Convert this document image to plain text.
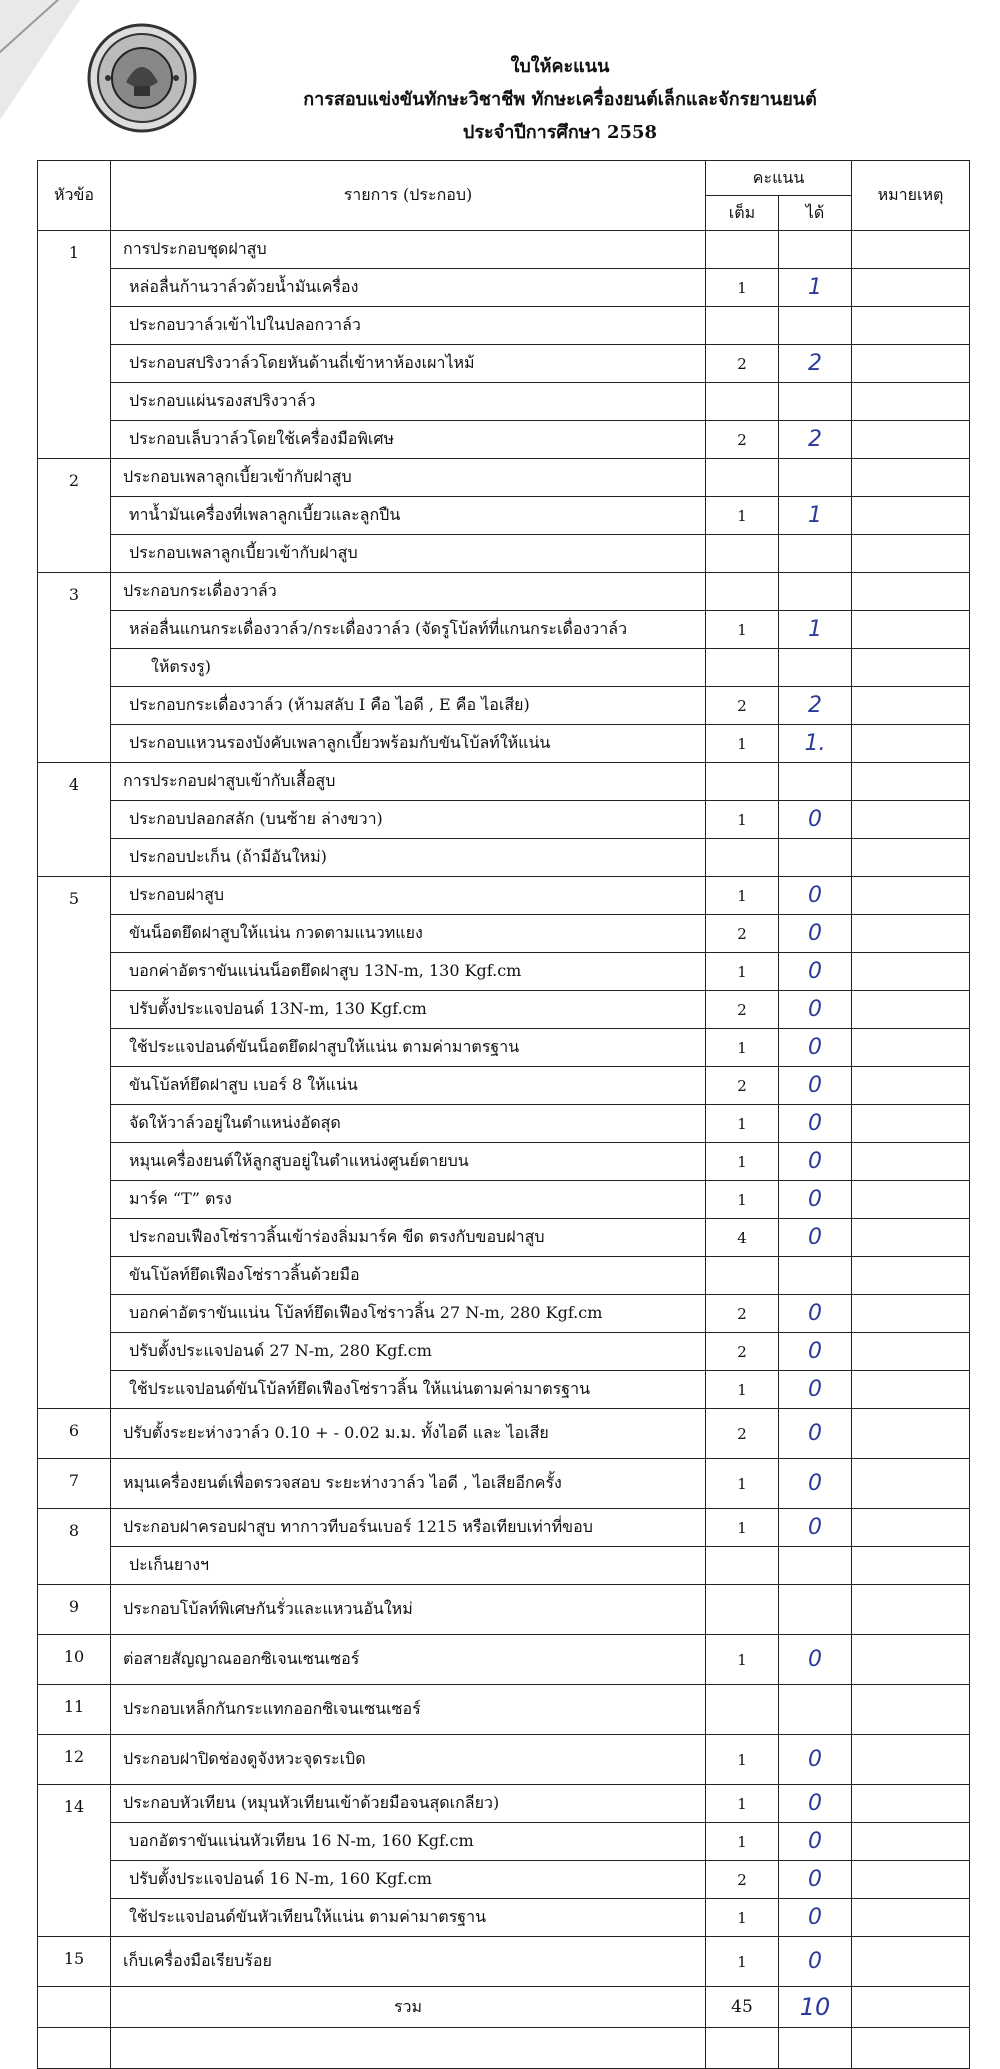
ใบให้คะแนน
การสอบแข่งขันทักษะวิชาชีพ ทักษะเครื่องยนต์เล็กและจักรยานยนต์
ประจำปีการศึกษา 2558
หัวข้อ	รายการ (ประกอบ)	คะแนน		หมายเหตุ
		เต็ม	ได้	
1	การประกอบชุดฝาสูบ			
	หล่อลื่นก้านวาล์วด้วยน้ำมันเครื่อง	1	1	
	ประกอบวาล์วเข้าไปในปลอกวาล์ว			
	ประกอบสปริงวาล์วโดยหันด้านถี่เข้าหาห้องเผาไหม้	2	2	
	ประกอบแผ่นรองสปริงวาล์ว			
	ประกอบเล็บวาล์วโดยใช้เครื่องมือพิเศษ	2	2	
2	ประกอบเพลาลูกเบี้ยวเข้ากับฝาสูบ			
	ทาน้ำมันเครื่องที่เพลาลูกเบี้ยวและลูกปืน	1	1	
	ประกอบเพลาลูกเบี้ยวเข้ากับฝาสูบ			
3	ประกอบกระเดื่องวาล์ว			
	หล่อลื่นแกนกระเดื่องวาล์ว/กระเดื่องวาล์ว (จัดรูโบ้ลท์ที่แกนกระเดื่องวาล์ว	1	1	
	ให้ตรงรู)			
	ประกอบกระเดื่องวาล์ว (ห้ามสลับ I คือ ไอดี , E คือ ไอเสีย)	2	2	
	ประกอบแหวนรองบังคับเพลาลูกเบี้ยวพร้อมกับขันโบ้ลท์ให้แน่น	1	1.	
4	การประกอบฝาสูบเข้ากับเสื้อสูบ			
	ประกอบปลอกสลัก (บนซ้าย ล่างขวา)	1	0	
	ประกอบปะเก็น (ถ้ามีอันใหม่)			
5	ประกอบฝาสูบ	1	0	
	ขันน็อตยึดฝาสูบให้แน่น กวดตามแนวทแยง	2	0	
	บอกค่าอัตราขันแน่นน็อตยึดฝาสูบ 13N-m, 130 Kgf.cm	1	0	
	ปรับตั้งประแจปอนด์ 13N-m, 130 Kgf.cm	2	0	
	ใช้ประแจปอนด์ขันน็อตยึดฝาสูบให้แน่น ตามค่ามาตรฐาน	1	0	
	ขันโบ้ลท์ยึดฝาสูบ เบอร์ 8 ให้แน่น	2	0	
	จัดให้วาล์วอยู่ในตำแหน่งอัดสุด	1	0	
	หมุนเครื่องยนต์ให้ลูกสูบอยู่ในตำแหน่งศูนย์ตายบน	1	0	
	มาร์ค “T” ตรง	1	0	
	ประกอบเฟืองโซ่ราวลิ้นเข้าร่องลิ่มมาร์ค ขีด ตรงกับขอบฝาสูบ	4	0	
	ขันโบ้ลท์ยึดเฟืองโซ่ราวลิ้นด้วยมือ			
	บอกค่าอัตราขันแน่น โบ้ลท์ยึดเฟืองโซ่ราวลิ้น 27 N-m, 280 Kgf.cm	2	0	
	ปรับตั้งประแจปอนด์ 27 N-m, 280 Kgf.cm	2	0	
	ใช้ประแจปอนด์ขันโบ้ลท์ยึดเฟืองโซ่ราวลิ้น ให้แน่นตามค่ามาตรฐาน	1	0	
6	ปรับตั้งระยะห่างวาล์ว 0.10 + - 0.02 ม.ม. ทั้งไอดี และ ไอเสีย	2	0	
7	หมุนเครื่องยนต์เพื่อตรวจสอบ ระยะห่างวาล์ว ไอดี , ไอเสียอีกครั้ง	1	0	
8	ประกอบฝาครอบฝาสูบ ทากาวทีบอร์นเบอร์ 1215 หรือเทียบเท่าที่ขอบ	1	0	
	ปะเก็นยางฯ			
9	ประกอบโบ้ลท์พิเศษกันรั่วและแหวนอันใหม่			
10	ต่อสายสัญญาณออกซิเจนเซนเซอร์	1	0	
11	ประกอบเหล็กกันกระแทกออกซิเจนเซนเซอร์			
12	ประกอบฝาปิดช่องดูจังหวะจุดระเบิด	1	0	
14	ประกอบหัวเทียน (หมุนหัวเทียนเข้าด้วยมือจนสุดเกลียว)	1	0	
	บอกอัตราขันแน่นหัวเทียน 16 N-m, 160 Kgf.cm	1	0	
	ปรับตั้งประแจปอนด์ 16 N-m, 160 Kgf.cm	2	0	
	ใช้ประแจปอนด์ขันหัวเทียนให้แน่น ตามค่ามาตรฐาน	1	0	
15	เก็บเครื่องมือเรียบร้อย	1	0	
	รวม	45	10	
